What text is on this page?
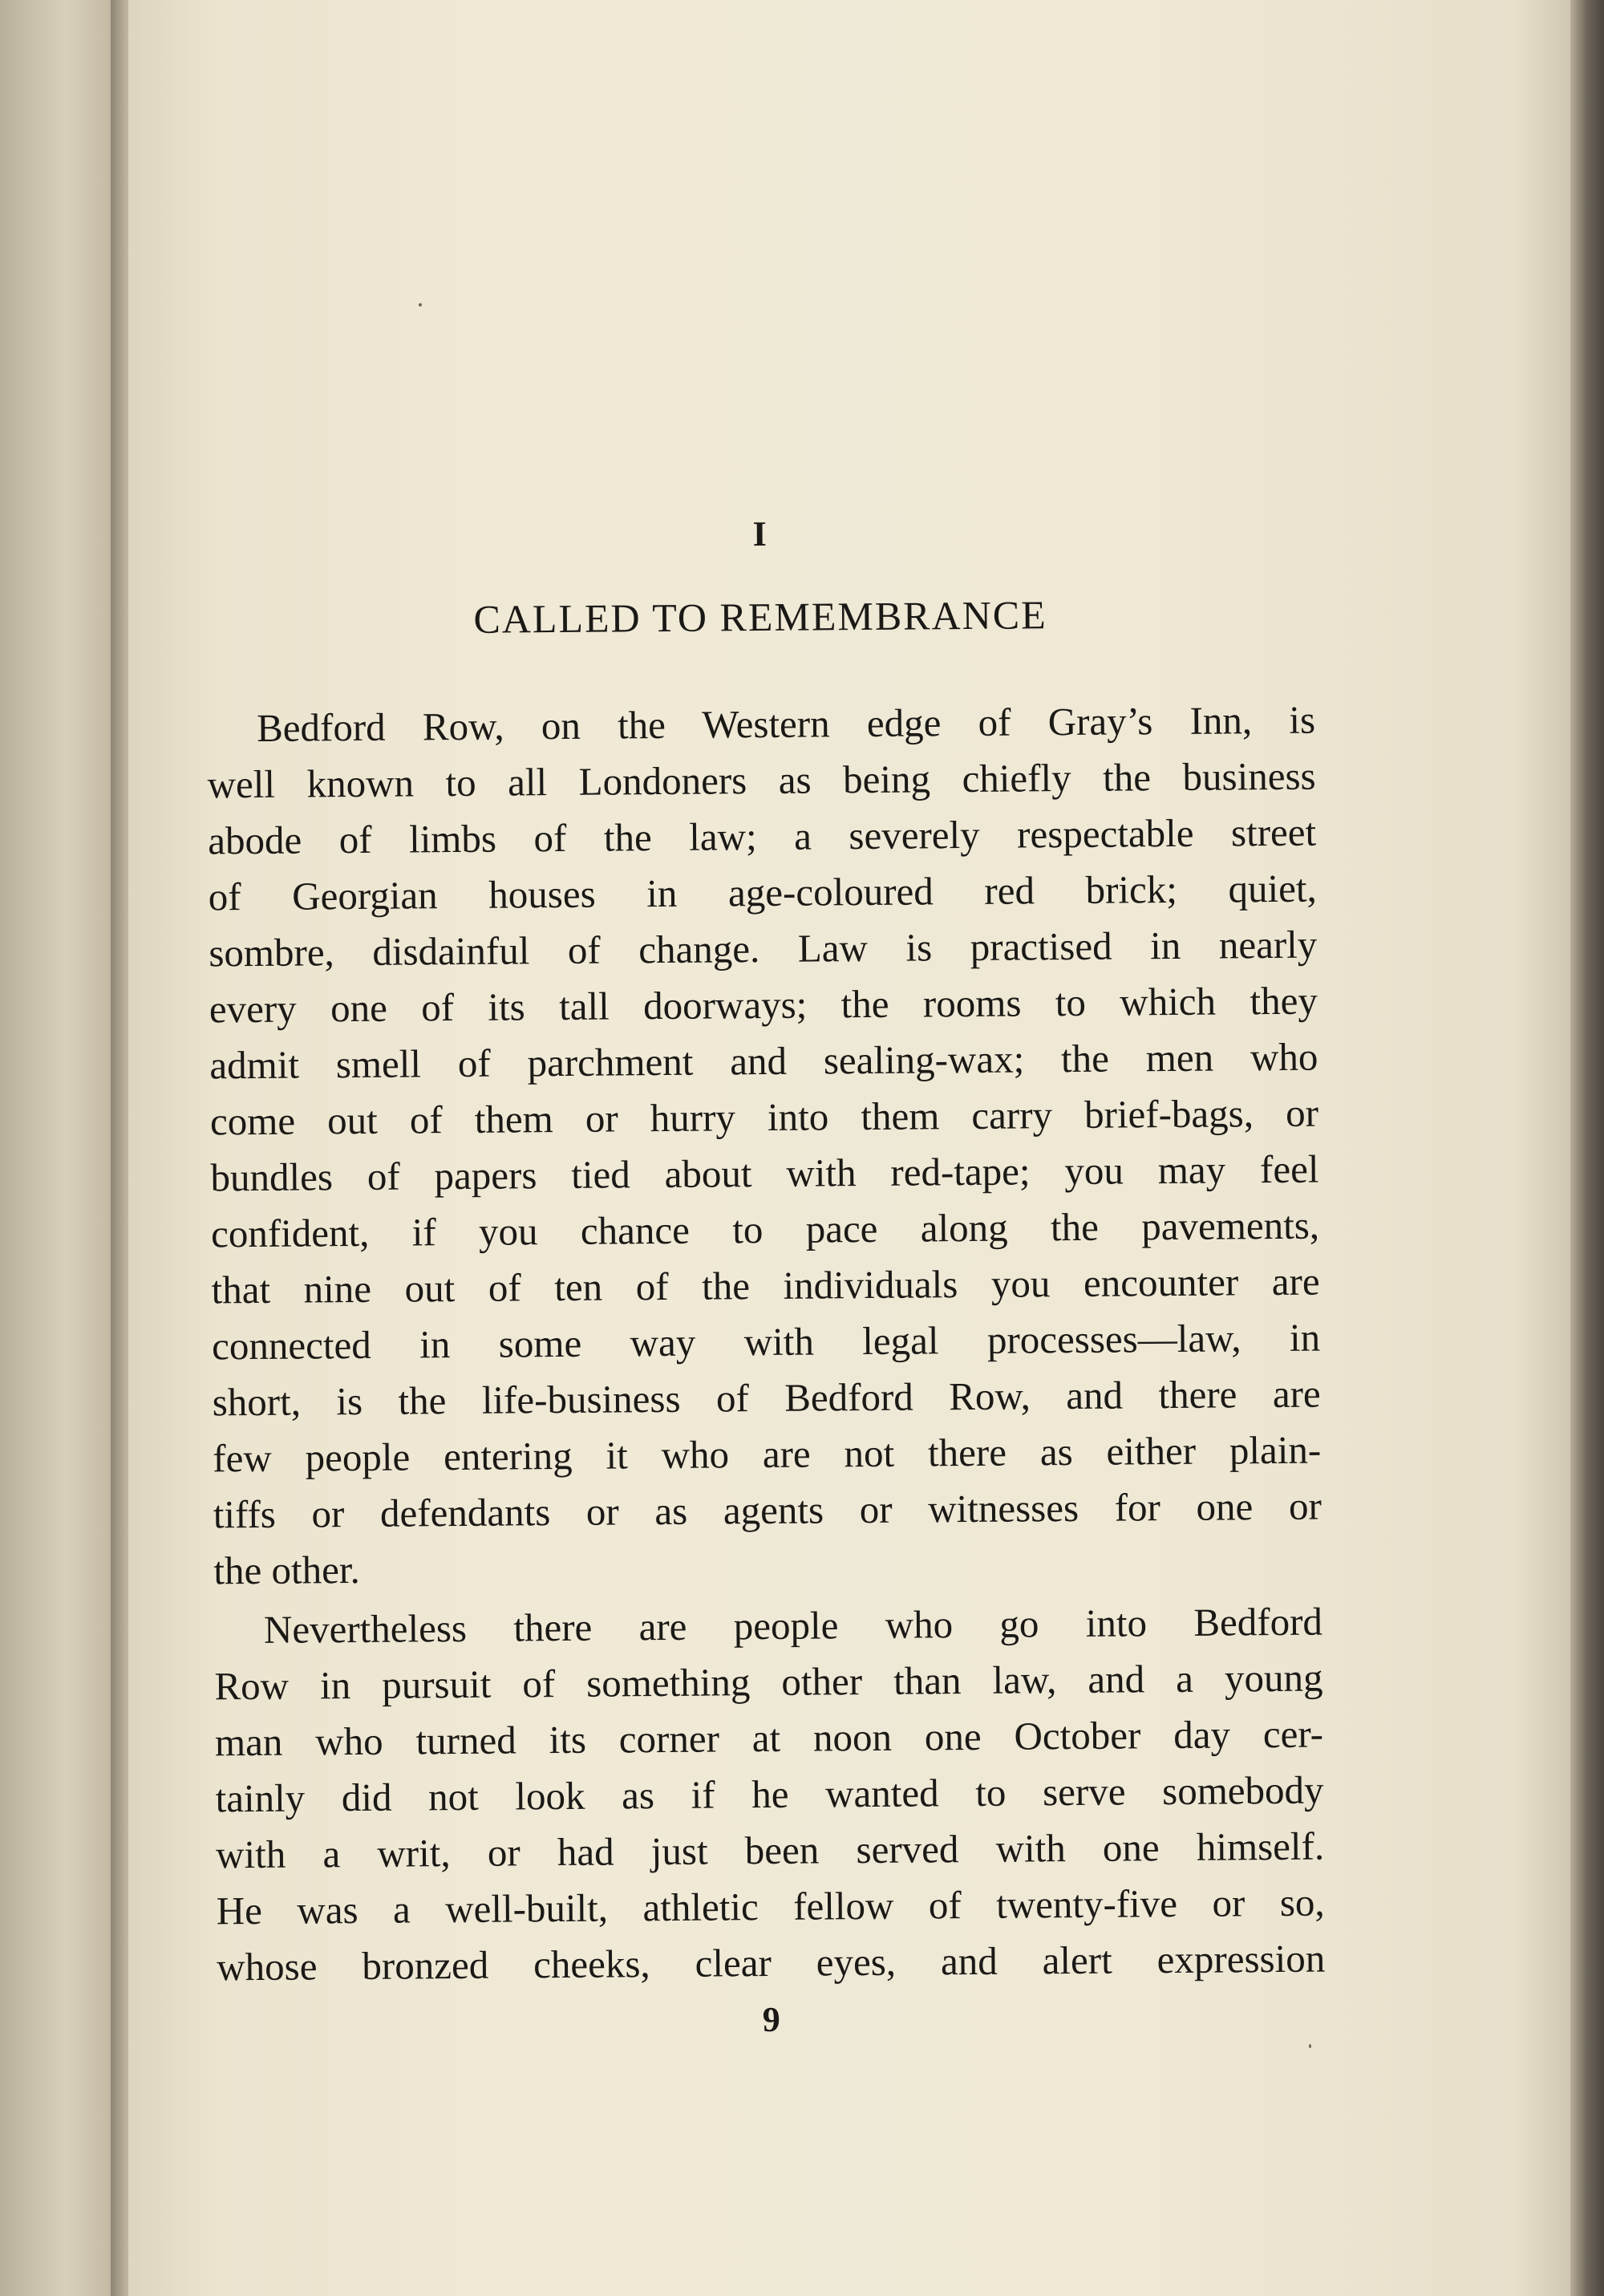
I
CALLED TO REMEMBRANCE
Bedford Row, on the Western edge of Gray’s Inn, is
well known to all Londoners as being chiefly the business
abode of limbs of the law; a severely respectable street
of Georgian houses in age-coloured red brick; quiet,
sombre, disdainful of change. Law is practised in nearly
every one of its tall doorways; the rooms to which they
admit smell of parchment and sealing-wax; the men who
come out of them or hurry into them carry brief-bags, or
bundles of papers tied about with red-tape; you may feel
confident, if you chance to pace along the pavements,
that nine out of ten of the individuals you encounter are
connected in some way with legal processes—law, in
short, is the life-business of Bedford Row, and there are
few people entering it who are not there as either plain-
tiffs or defendants or as agents or witnesses for one or
the other.
Nevertheless there are people who go into Bedford
Row in pursuit of something other than law, and a young
man who turned its corner at noon one October day cer-
tainly did not look as if he wanted to serve somebody
with a writ, or had just been served with one himself.
He was a well-built, athletic fellow of twenty-five or so,
whose bronzed cheeks, clear eyes, and alert expression
9
